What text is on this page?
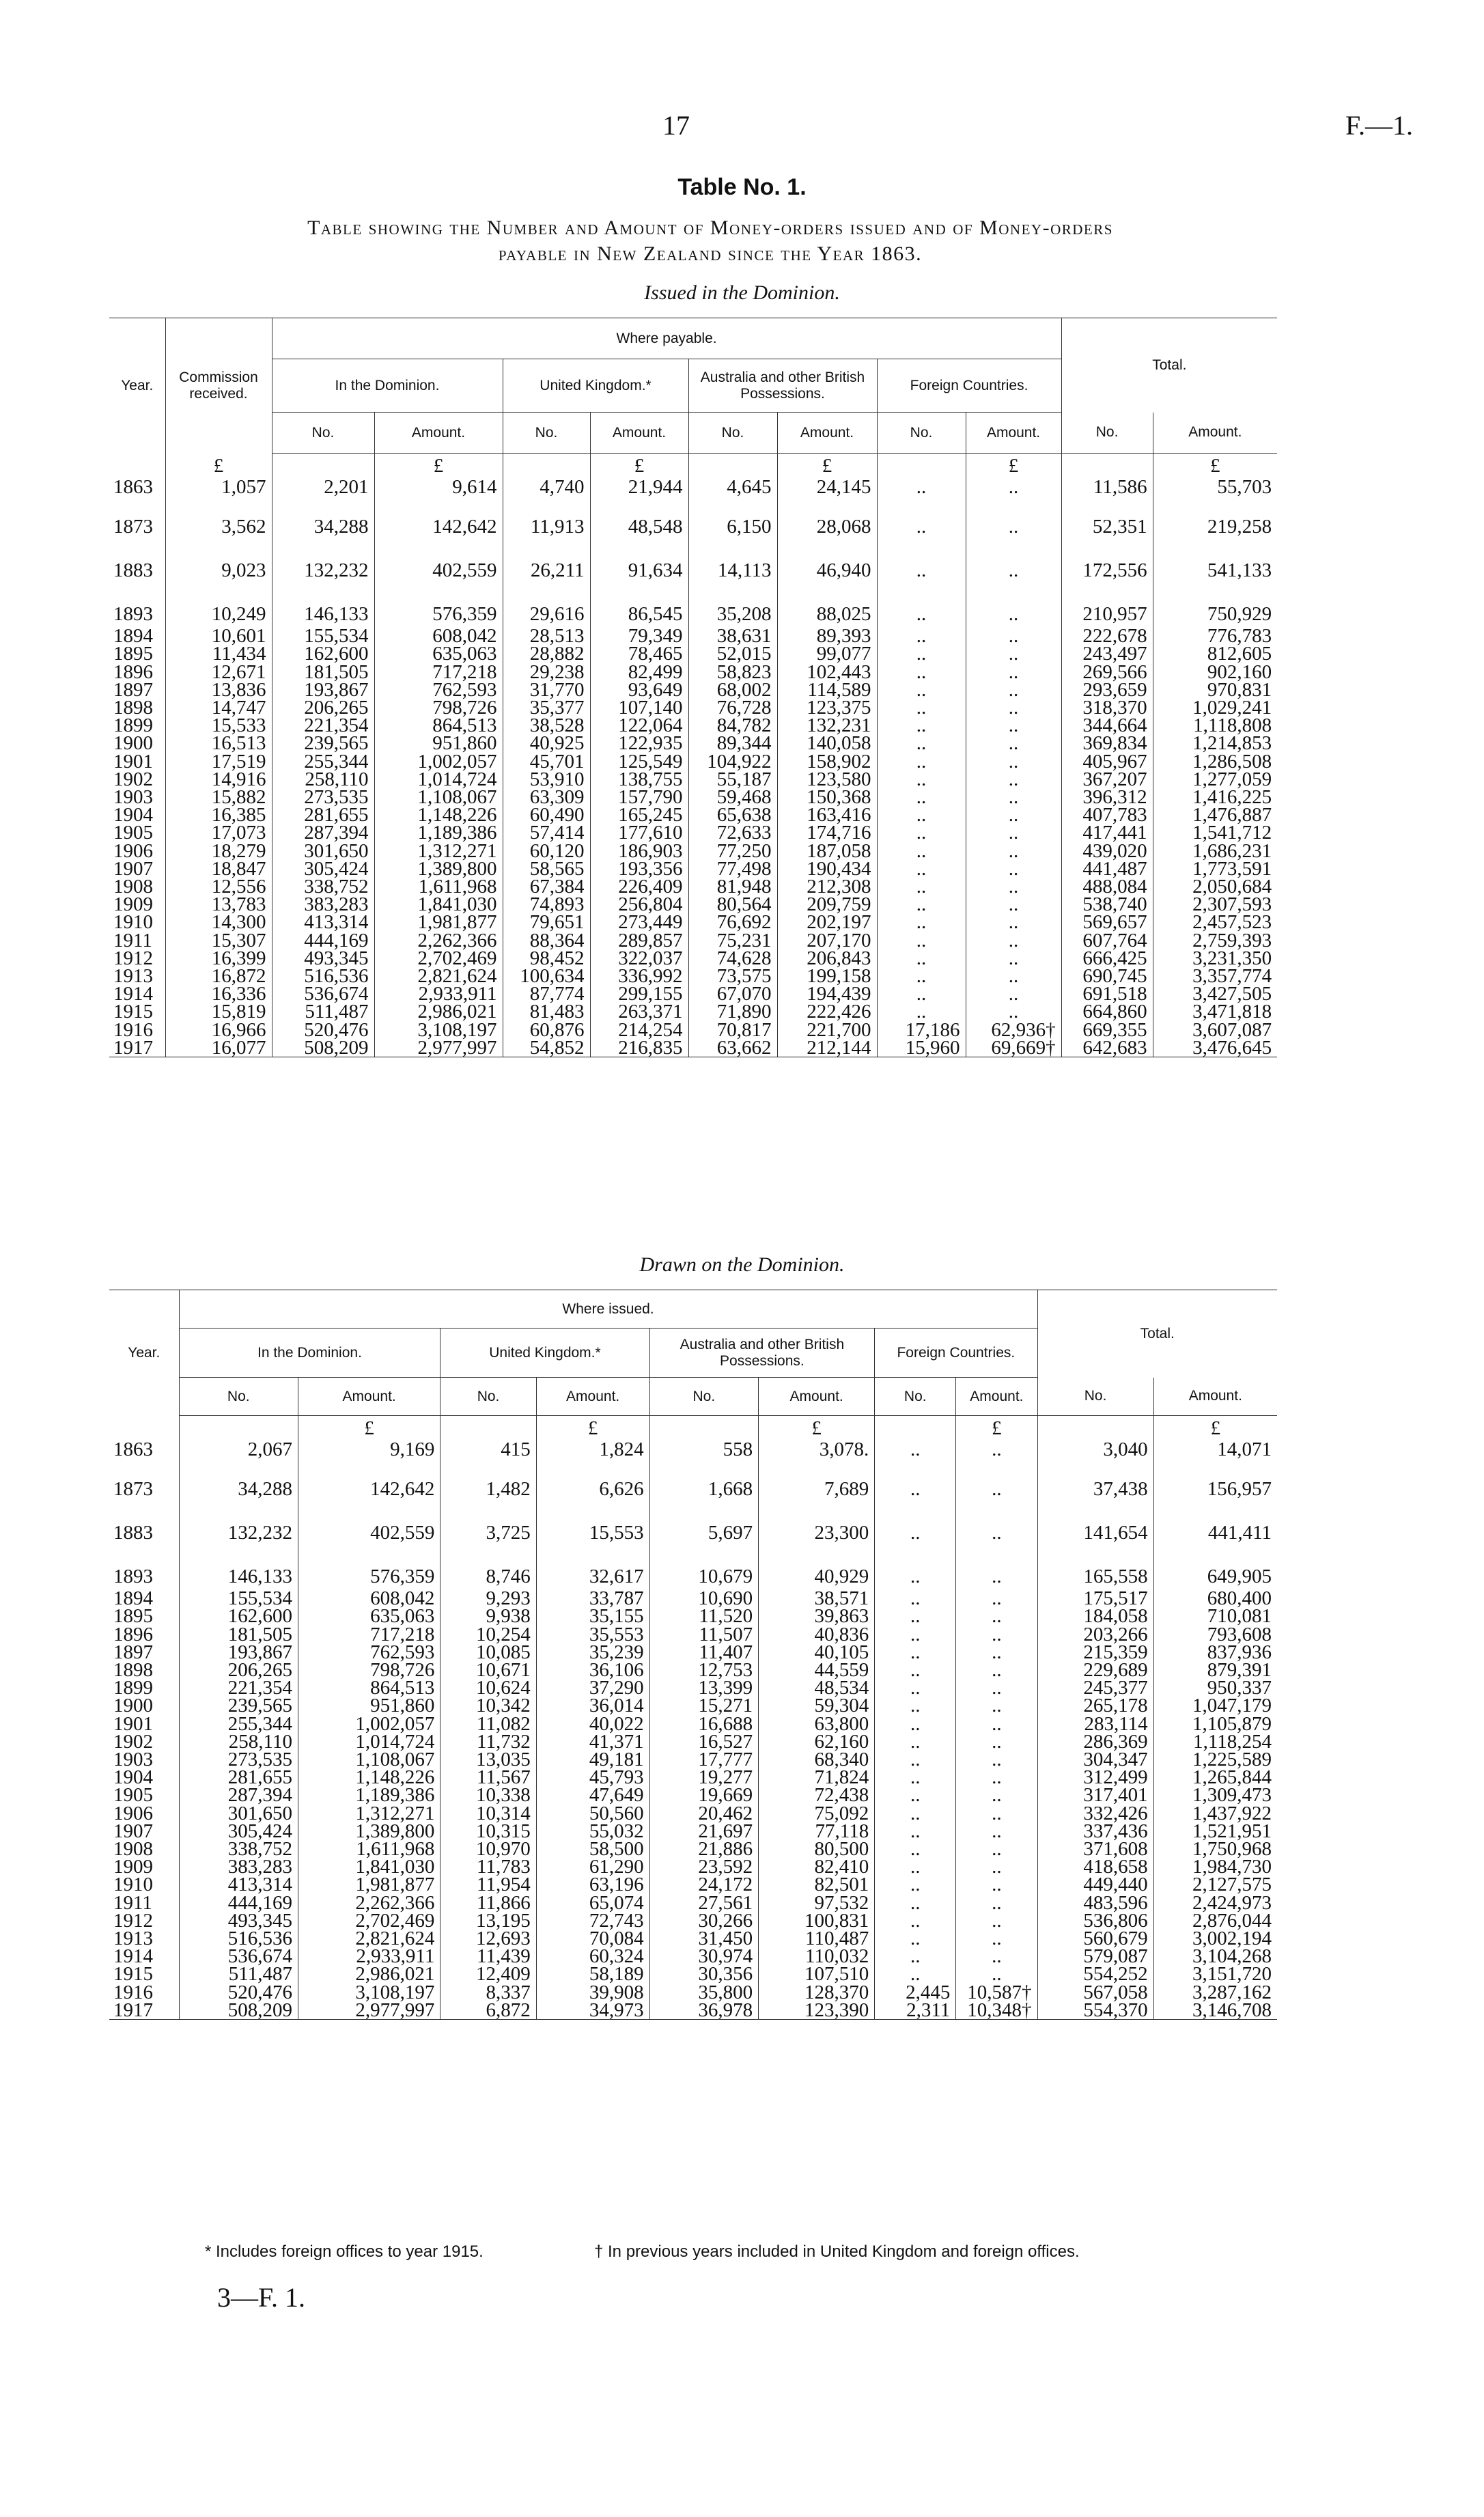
17	F.—1.
Table No. 1.
Table showing the Number and Amount of Money-orders issued and of Money-orders
payable in New Zealand since the Year 1863.
Issued in the Dominion.
Year.	Commission received.	Where payable.								Total.	
		In the Dominion.		United Kingdom.*		Australia and other British Possessions.		Foreign Countries.			
		No.	Amount.	No.	Amount.	No.	Amount.	No.	Amount.	No.	Amount.
	£		£		£		£		£		£
1863	1,057	2,201	9,614	4,740	21,944	4,645	24,145	..	..	11,586	55,703
1873	3,562	34,288	142,642	11,913	48,548	6,150	28,068	..	..	52,351	219,258
1883	9,023	132,232	402,559	26,211	91,634	14,113	46,940	..	..	172,556	541,133
1893	10,249	146,133	576,359	29,616	86,545	35,208	88,025	..	..	210,957	750,929
1894	10,601	155,534	608,042	28,513	79,349	38,631	89,393	..	..	222,678	776,783
1895	11,434	162,600	635,063	28,882	78,465	52,015	99,077	..	..	243,497	812,605
1896	12,671	181,505	717,218	29,238	82,499	58,823	102,443	..	..	269,566	902,160
1897	13,836	193,867	762,593	31,770	93,649	68,002	114,589	..	..	293,659	970,831
1898	14,747	206,265	798,726	35,377	107,140	76,728	123,375	..	..	318,370	1,029,241
1899	15,533	221,354	864,513	38,528	122,064	84,782	132,231	..	..	344,664	1,118,808
1900	16,513	239,565	951,860	40,925	122,935	89,344	140,058	..	..	369,834	1,214,853
1901	17,519	255,344	1,002,057	45,701	125,549	104,922	158,902	..	..	405,967	1,286,508
1902	14,916	258,110	1,014,724	53,910	138,755	55,187	123,580	..	..	367,207	1,277,059
1903	15,882	273,535	1,108,067	63,309	157,790	59,468	150,368	..	..	396,312	1,416,225
1904	16,385	281,655	1,148,226	60,490	165,245	65,638	163,416	..	..	407,783	1,476,887
1905	17,073	287,394	1,189,386	57,414	177,610	72,633	174,716	..	..	417,441	1,541,712
1906	18,279	301,650	1,312,271	60,120	186,903	77,250	187,058	..	..	439,020	1,686,231
1907	18,847	305,424	1,389,800	58,565	193,356	77,498	190,434	..	..	441,487	1,773,591
1908	12,556	338,752	1,611,968	67,384	226,409	81,948	212,308	..	..	488,084	2,050,684
1909	13,783	383,283	1,841,030	74,893	256,804	80,564	209,759	..	..	538,740	2,307,593
1910	14,300	413,314	1,981,877	79,651	273,449	76,692	202,197	..	..	569,657	2,457,523
1911	15,307	444,169	2,262,366	88,364	289,857	75,231	207,170	..	..	607,764	2,759,393
1912	16,399	493,345	2,702,469	98,452	322,037	74,628	206,843	..	..	666,425	3,231,350
1913	16,872	516,536	2,821,624	100,634	336,992	73,575	199,158	..	..	690,745	3,357,774
1914	16,336	536,674	2,933,911	87,774	299,155	67,070	194,439	..	..	691,518	3,427,505
1915	15,819	511,487	2,986,021	81,483	263,371	71,890	222,426	..	..	664,860	3,471,818
1916	16,966	520,476	3,108,197	60,876	214,254	70,817	221,700	17,186	62,936†	669,355	3,607,087
1917	16,077	508,209	2,977,997	54,852	216,835	63,662	212,144	15,960	69,669†	642,683	3,476,645
Drawn on the Dominion.
Year.	Where issued.								Total.	
	In the Dominion.		United Kingdom.*		Australia and other British Possessions.		Foreign Countries.			
	No.	Amount.	No.	Amount.	No.	Amount.	No.	Amount.	No.	Amount.
		£		£		£		£		£
1863	2,067	9,169	415	1,824	558	3,078.	..	..	3,040	14,071
1873	34,288	142,642	1,482	6,626	1,668	7,689	..	..	37,438	156,957
1883	132,232	402,559	3,725	15,553	5,697	23,300	..	..	141,654	441,411
1893	146,133	576,359	8,746	32,617	10,679	40,929	..	..	165,558	649,905
1894	155,534	608,042	9,293	33,787	10,690	38,571	..	..	175,517	680,400
1895	162,600	635,063	9,938	35,155	11,520	39,863	..	..	184,058	710,081
1896	181,505	717,218	10,254	35,553	11,507	40,836	..	..	203,266	793,608
1897	193,867	762,593	10,085	35,239	11,407	40,105	..	..	215,359	837,936
1898	206,265	798,726	10,671	36,106	12,753	44,559	..	..	229,689	879,391
1899	221,354	864,513	10,624	37,290	13,399	48,534	..	..	245,377	950,337
1900	239,565	951,860	10,342	36,014	15,271	59,304	..	..	265,178	1,047,179
1901	255,344	1,002,057	11,082	40,022	16,688	63,800	..	..	283,114	1,105,879
1902	258,110	1,014,724	11,732	41,371	16,527	62,160	..	..	286,369	1,118,254
1903	273,535	1,108,067	13,035	49,181	17,777	68,340	..	..	304,347	1,225,589
1904	281,655	1,148,226	11,567	45,793	19,277	71,824	..	..	312,499	1,265,844
1905	287,394	1,189,386	10,338	47,649	19,669	72,438	..	..	317,401	1,309,473
1906	301,650	1,312,271	10,314	50,560	20,462	75,092	..	..	332,426	1,437,922
1907	305,424	1,389,800	10,315	55,032	21,697	77,118	..	..	337,436	1,521,951
1908	338,752	1,611,968	10,970	58,500	21,886	80,500	..	..	371,608	1,750,968
1909	383,283	1,841,030	11,783	61,290	23,592	82,410	..	..	418,658	1,984,730
1910	413,314	1,981,877	11,954	63,196	24,172	82,501	..	..	449,440	2,127,575
1911	444,169	2,262,366	11,866	65,074	27,561	97,532	..	..	483,596	2,424,973
1912	493,345	2,702,469	13,195	72,743	30,266	100,831	..	..	536,806	2,876,044
1913	516,536	2,821,624	12,693	70,084	31,450	110,487	..	..	560,679	3,002,194
1914	536,674	2,933,911	11,439	60,324	30,974	110,032	..	..	579,087	3,104,268
1915	511,487	2,986,021	12,409	58,189	30,356	107,510	..	..	554,252	3,151,720
1916	520,476	3,108,197	8,337	39,908	35,800	128,370	2,445	10,587†	567,058	3,287,162
1917	508,209	2,977,997	6,872	34,973	36,978	123,390	2,311	10,348†	554,370	3,146,708
* Includes foreign offices to year 1915.	† In previous years included in United Kingdom and foreign offices.
3—F. 1.
